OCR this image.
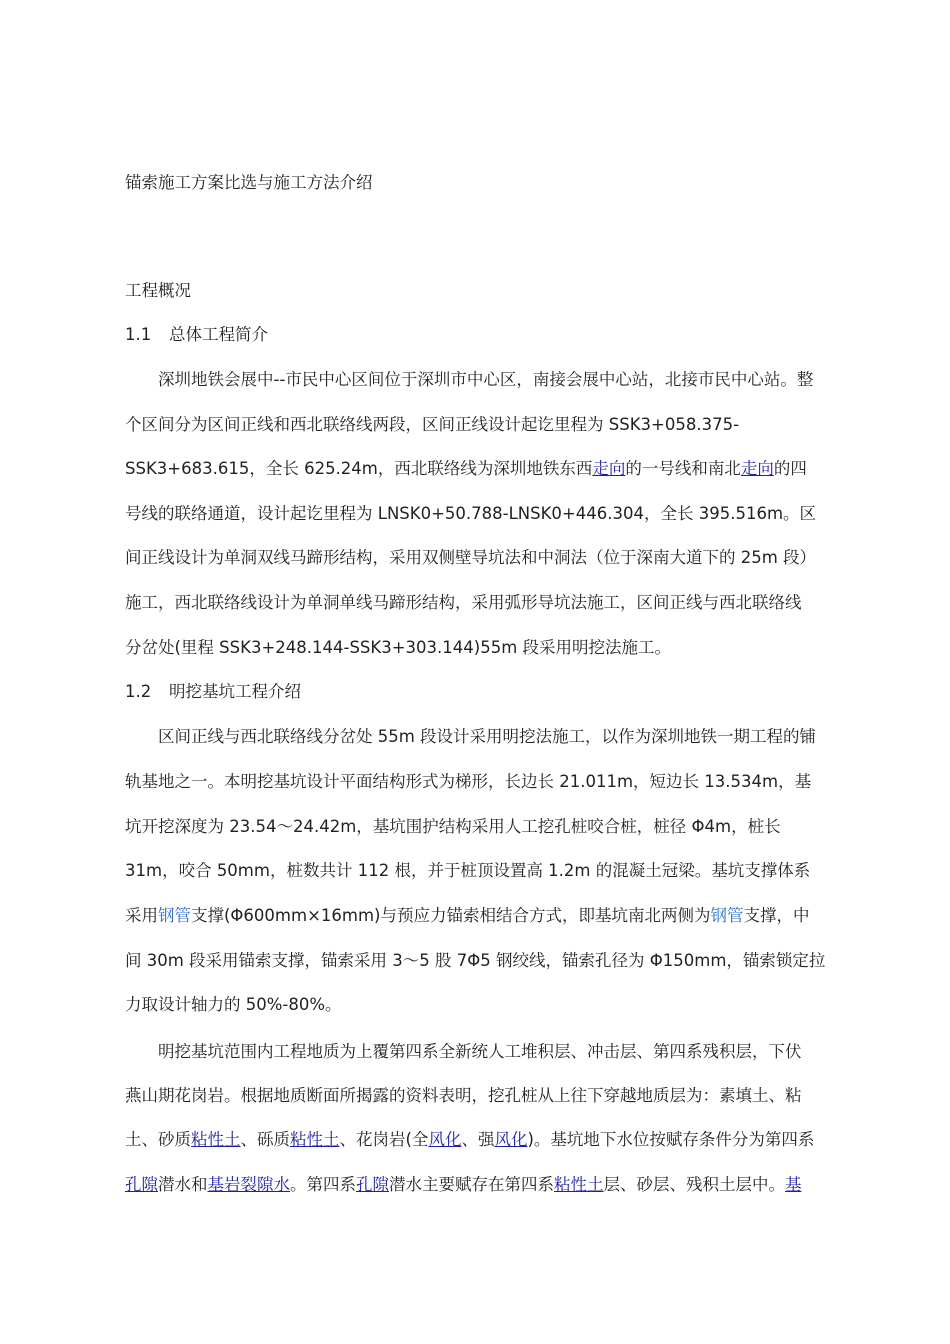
锚索施工方案比选与施工方法介绍
工程概况
1.1 总体工程简介
深圳地铁会展中--市民中心区间位于深圳市中心区，南接会展中心站，北接市民中心站。整
个区间分为区间正线和西北联络线两段，区间正线设计起讫里程为 SSK3+058.375-
SSK3+683.615，全长 625.24m，西北联络线为深圳地铁东西走向的一号线和南北走向的四
号线的联络通道，设计起讫里程为 LNSK0+50.788-LNSK0+446.304，全长 395.516m。区
间正线设计为单洞双线马蹄形结构，采用双侧壁导坑法和中洞法（位于深南大道下的 25m 段）
施工，西北联络线设计为单洞单线马蹄形结构，采用弧形导坑法施工，区间正线与西北联络线
分岔处(里程 SSK3+248.144-SSK3+303.144)55m 段采用明挖法施工。
1.2 明挖基坑工程介绍
区间正线与西北联络线分岔处 55m 段设计采用明挖法施工，以作为深圳地铁一期工程的铺
轨基地之一。本明挖基坑设计平面结构形式为梯形，长边长 21.011m，短边长 13.534m，基
坑开挖深度为 23.54～24.42m，基坑围护结构采用人工挖孔桩咬合桩，桩径 Φ4m，桩长
31m，咬合 50mm，桩数共计 112 根，并于桩顶设置高 1.2m 的混凝土冠梁。基坑支撑体系
采用钢管支撑(Φ600mm×16mm)与预应力锚索相结合方式，即基坑南北两侧为钢管支撑，中
间 30m 段采用锚索支撑，锚索采用 3～5 股 7Φ5 钢绞线，锚索孔径为 Φ150mm，锚索锁定拉
力取设计轴力的 50%-80%。
明挖基坑范围内工程地质为上覆第四系全新统人工堆积层、冲击层、第四系残积层，下伏
燕山期花岗岩。根据地质断面所揭露的资料表明，挖孔桩从上往下穿越地质层为：素填土、粘
土、砂质粘性土、砾质粘性土、花岗岩(全风化、强风化)。基坑地下水位按赋存条件分为第四系
孔隙潜水和基岩裂隙水。第四系孔隙潜水主要赋存在第四系粘性土层、砂层、残积土层中。基
